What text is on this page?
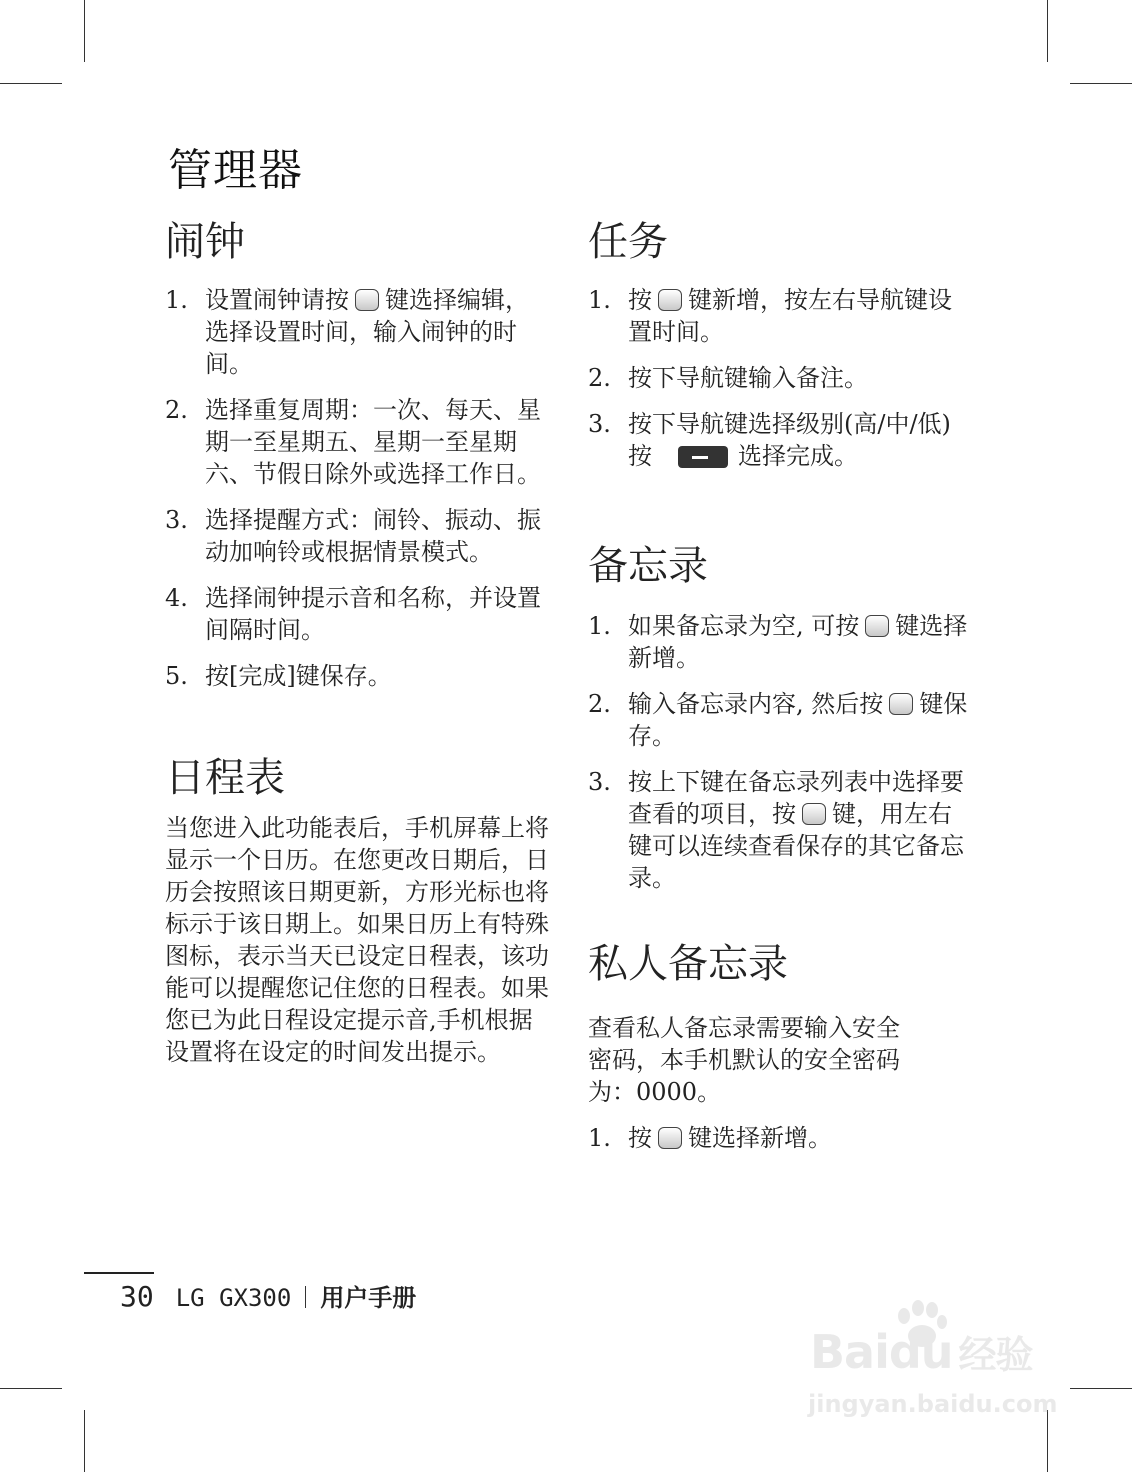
管理器
闹钟
1. 设置闹钟请按 键选择编辑，选择设置时间，输入闹钟的时间。
2. 选择重复周期：一次、每天、星期一至星期五、星期一至星期六、节假日除外或选择工作日。
3. 选择提醒方式：闹铃、振动、振动加响铃或根据情景模式。
4. 选择闹钟提示音和名称，并设置间隔时间。
5. 按[完成]键保存。
日程表

当您进入此功能表后，手机屏幕上将显示一个日历。在您更改日期后，日历会按照该日期更新，方形光标也将标示于该日期上。如果日历上有特殊图标，表示当天已设定日程表，该功能可以提醒您记住您的日程表。如果您已为此日程设定提示音,手机根据设置将在设定的时间发出提示。

任务
1. 按 键新增，按左右导航键设置时间。
2. 按下导航键输入备注。
3. 按下导航键选择级别(高/中/低)
按	选择完成。
备忘录
1. 如果备忘录为空, 可按 键选择新增。
2. 输入备忘录内容, 然后按 键保存。
3. 按上下键在备忘录列表中选择要查看的项目，按 键，用左右键可以连续查看保存的其它备忘录。
私人备忘录

查看私人备忘录需要输入安全密码，本手机默认的安全密码为：0000。

1. 按 键选择新增。
30 LG GX300 用户手册
Baidu 经验
jingyan.baidu.com
